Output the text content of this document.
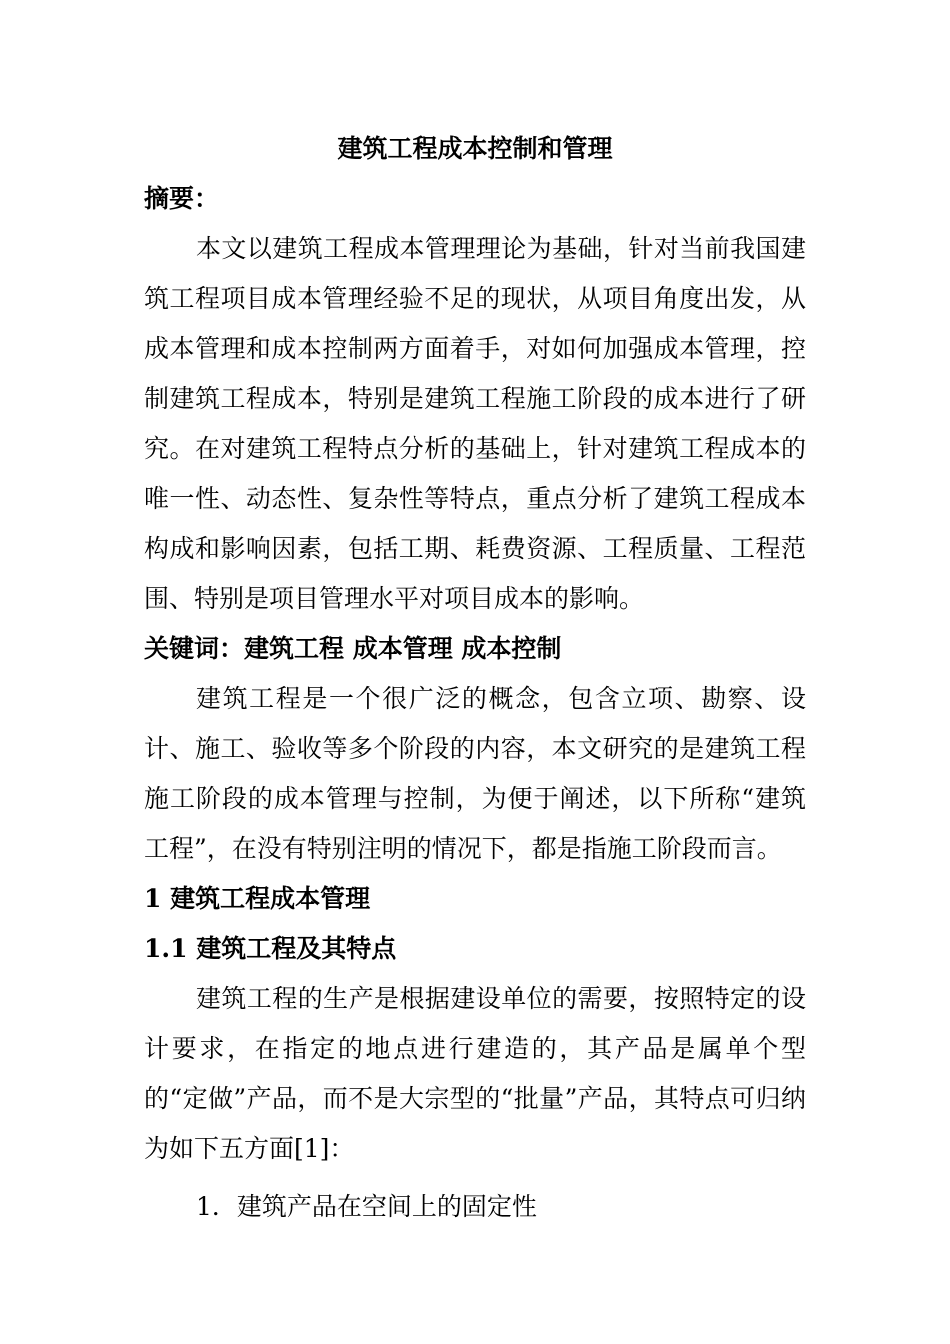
建筑工程成本控制和管理
摘要：

本文以建筑工程成本管理理论为基础，针对当前我国建筑工程项目成本管理经验不足的现状，从项目角度出发，从成本管理和成本控制两方面着手，对如何加强成本管理，控制建筑工程成本，特别是建筑工程施工阶段的成本进行了研究。在对建筑工程特点分析的基础上，针对建筑工程成本的唯一性、动态性、复杂性等特点，重点分析了建筑工程成本构成和影响因素，包括工期、耗费资源、工程质量、工程范围、特别是项目管理水平对项目成本的影响。

关键词：建筑工程 成本管理 成本控制

建筑工程是一个很广泛的概念，包含立项、勘察、设计、施工、验收等多个阶段的内容，本文研究的是建筑工程施工阶段的成本管理与控制，为便于阐述，以下所称“建筑工程”，在没有特别注明的情况下，都是指施工阶段而言。

1 建筑工程成本管理
1.1 建筑工程及其特点

建筑工程的生产是根据建设单位的需要，按照特定的设计要求，在指定的地点进行建造的，其产品是属单个型的“定做”产品，而不是大宗型的“批量”产品，其特点可归纳为如下五方面[1]：

1．建筑产品在空间上的固定性
